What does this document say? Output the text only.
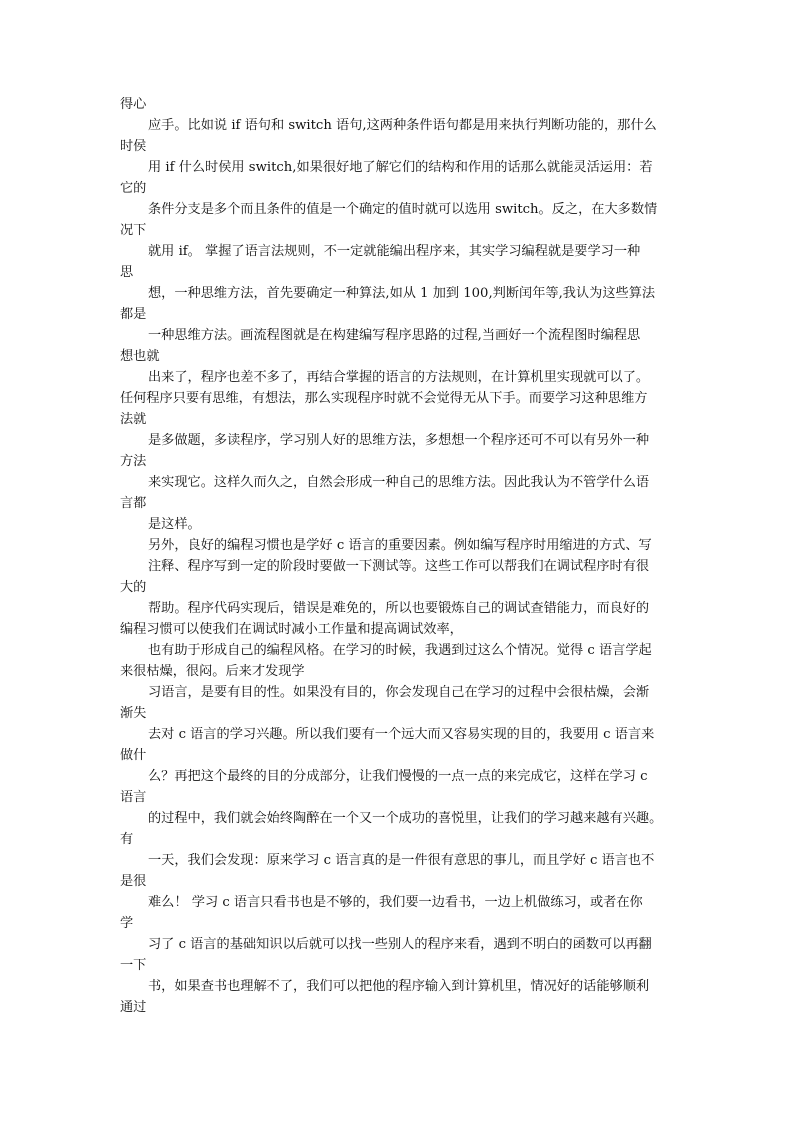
得心

应手。比如说 if 语句和 switch 语句,这两种条件语句都是用来执行判断功能的，那什么

时侯

用 if 什么时侯用 switch,如果很好地了解它们的结构和作用的话那么就能灵活运用：若

它的

条件分支是多个而且条件的值是一个确定的值时就可以选用 switch。反之，在大多数情

况下

就用 if。 掌握了语言法规则，不一定就能编出程序来，其实学习编程就是要学习一种

思

想，一种思维方法，首先要确定一种算法,如从 1 加到 100,判断闰年等,我认为这些算法

都是

一种思维方法。画流程图就是在构建编写程序思路的过程,当画好一个流程图时编程思

想也就

出来了，程序也差不多了，再结合掌握的语言的方法规则，在计算机里实现就可以了。

任何程序只要有思维，有想法，那么实现程序时就不会觉得无从下手。而要学习这种思维方

法就

是多做题，多读程序，学习别人好的思维方法，多想想一个程序还可不可以有另外一种

方法

来实现它。这样久而久之，自然会形成一种自己的思维方法。因此我认为不管学什么语

言都

是这样。

另外，良好的编程习惯也是学好 c 语言的重要因素。例如编写程序时用缩进的方式、写

注释、程序写到一定的阶段时要做一下测试等。这些工作可以帮我们在调试程序时有很

大的

帮助。程序代码实现后，错误是难免的，所以也要锻炼自己的调试查错能力，而良好的

编程习惯可以使我们在调试时减小工作量和提高调试效率，

也有助于形成自己的编程风格。在学习的时候，我遇到过这么个情况。觉得 c 语言学起

来很枯燥，很闷。后来才发现学

习语言，是要有目的性。如果没有目的，你会发现自己在学习的过程中会很枯燥，会渐

渐失

去对 c 语言的学习兴趣。所以我们要有一个远大而又容易实现的目的，我要用 c 语言来

做什

么？再把这个最终的目的分成部分，让我们慢慢的一点一点的来完成它，这样在学习 c

语言

的过程中，我们就会始终陶醉在一个又一个成功的喜悦里，让我们的学习越来越有兴趣。

有

一天，我们会发现：原来学习 c 语言真的是一件很有意思的事儿，而且学好 c 语言也不

是很

难么！ 学习 c 语言只看书也是不够的，我们要一边看书，一边上机做练习，或者在你

学

习了 c 语言的基础知识以后就可以找一些别人的程序来看，遇到不明白的函数可以再翻

一下

书，如果查书也理解不了，我们可以把他的程序输入到计算机里，情况好的话能够顺利

通过
